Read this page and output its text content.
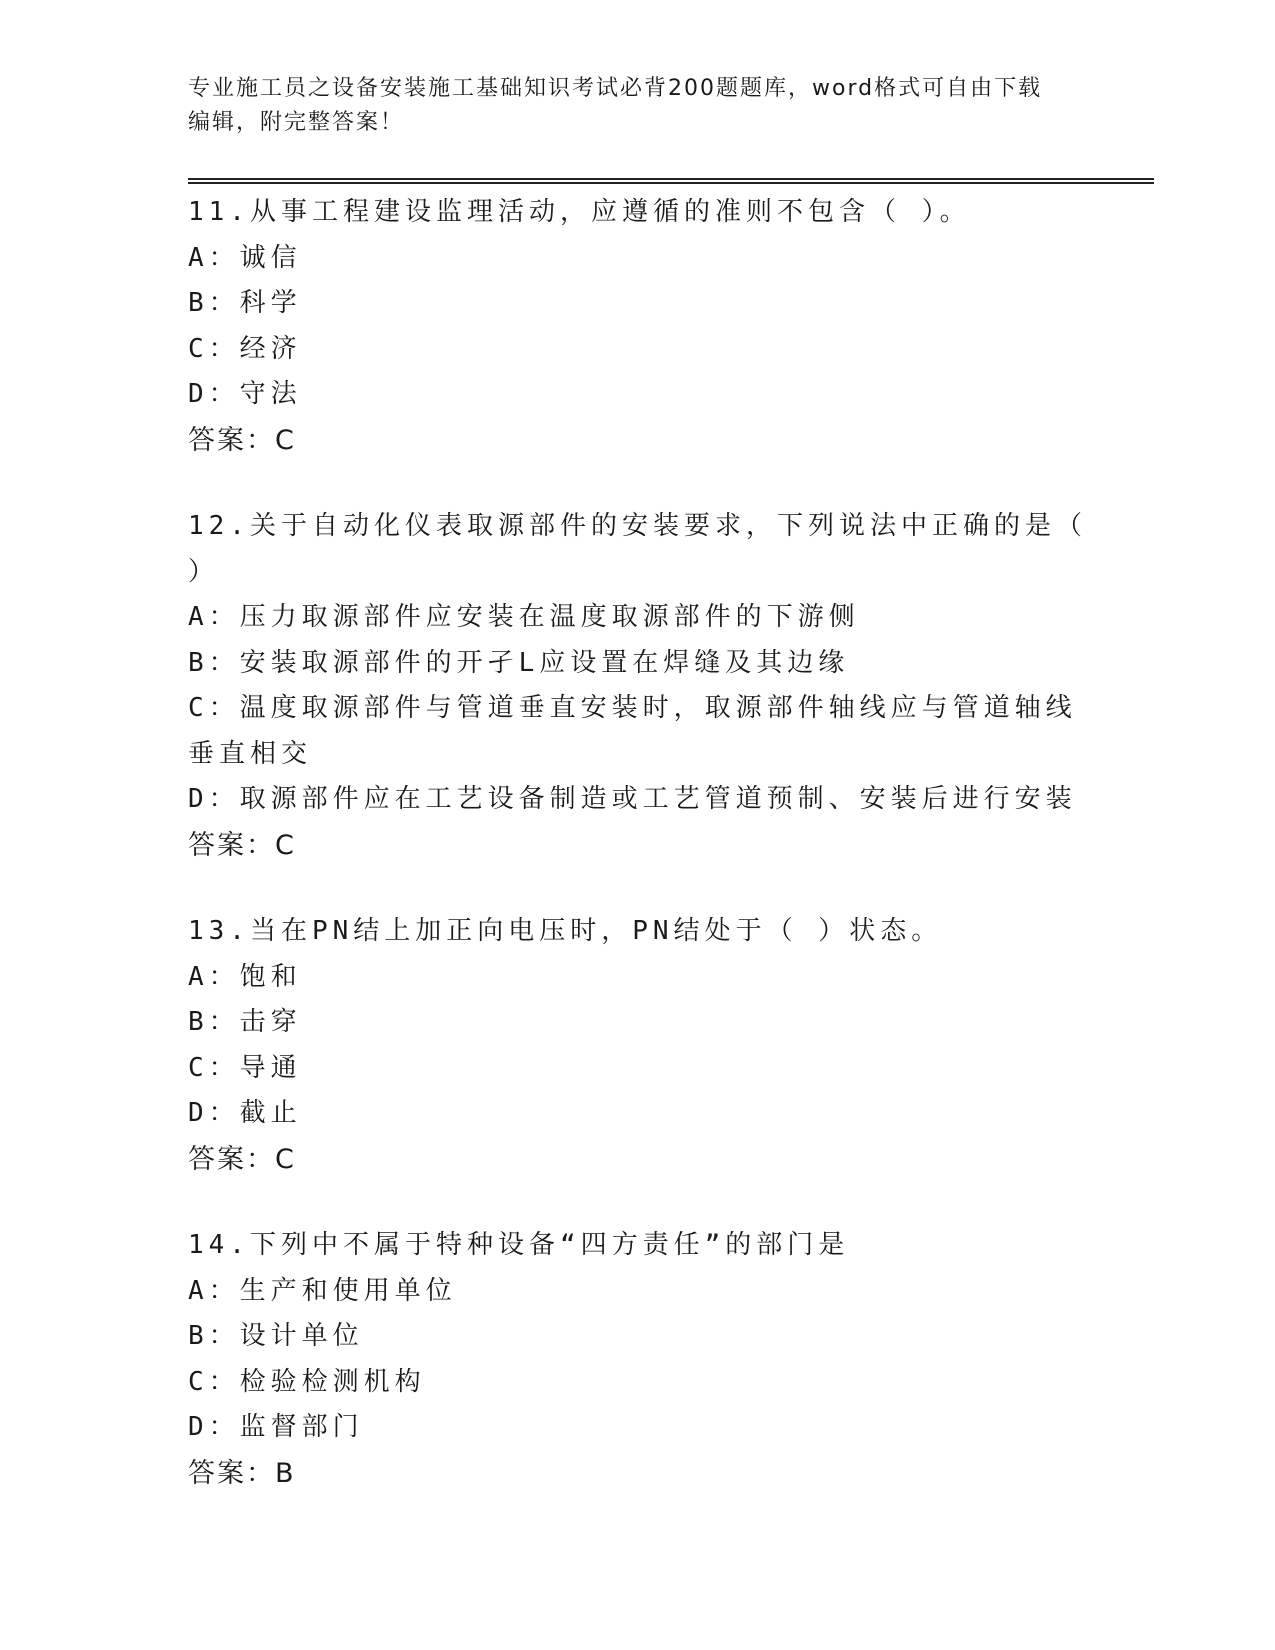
专业施工员之设备安装施工基础知识考试必背200题题库，word格式可自由下载
编辑，附完整答案！
11.从事工程建设监理活动，应遵循的准则不包含（ ）。
A：诚信
B：科学
C：经济
D：守法
答案：C
12.关于自动化仪表取源部件的安装要求，下列说法中正确的是（ ）
A：压力取源部件应安装在温度取源部件的下游侧
B：安装取源部件的开孑L应设置在焊缝及其边缘
C：温度取源部件与管道垂直安装时，取源部件轴线应与管道轴线垂直相交
D：取源部件应在工艺设备制造或工艺管道预制、安装后进行安装
答案：C
13.当在PN结上加正向电压时，PN结处于（ ）状态。
A：饱和
B：击穿
C：导通
D：截止
答案：C
14.下列中不属于特种设备“四方责任”的部门是
A：生产和使用单位
B：设计单位
C：检验检测机构
D：监督部门
答案：B
